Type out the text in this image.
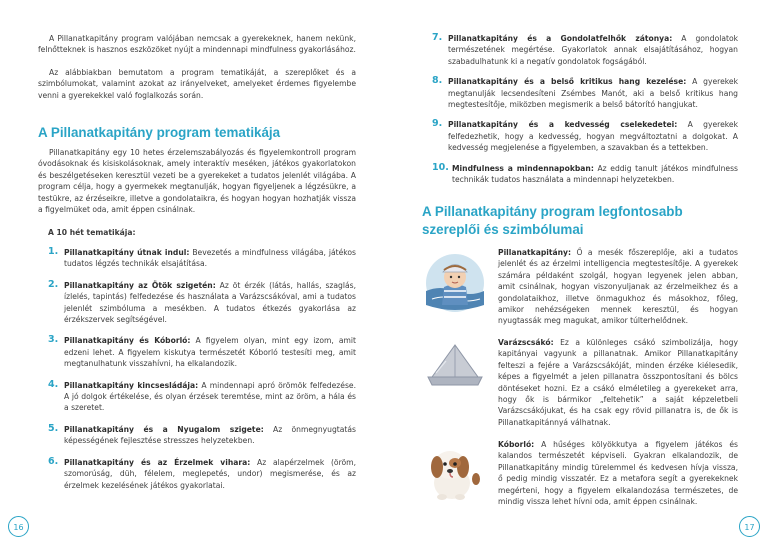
A Pillanatkapitány program valójában nemcsak a gyerekeknek, hanem nekünk, felnőtteknek is hasznos eszközöket nyújt a mindennapi mindfulness gyakorlásához.

Az alábbiakban bemutatom a program tematikáját, a szereplőket és a szimbólumokat, valamint azokat az irányelveket, amelyeket érdemes figyelembe venni a gyerekekkel való foglalkozás során.

A Pillanatkapitány program tematikája

Pillanatkapitány egy 10 hetes érzelemszabályozás és figyelemkontroll program óvodásoknak és kisiskolásoknak, amely interaktív meséken, játékos gyakorlatokon és beszélgetéseken keresztül vezeti be a gyerekeket a tudatos jelenlét világába. A program célja, hogy a gyermekek megtanulják, hogyan figyeljenek a légzésükre, a testükre, az érzéseikre, illetve a gondolataikra, és hogyan hogyan hozhatják vissza a figyelmüket oda, amit éppen csinálnak.

A 10 hét tematikája:
1. Pillanatkapitány útnak indul: Bevezetés a mindfulness világába, játékos tudatos légzés technikák elsajátítása.
2. Pillanatkapitány az Ötök szigetén: Az öt érzék (látás, hallás, szaglás, ízlelés, tapintás) felfedezése és használata a Varázscsákóval, ami a tudatos jelenlét szimbóluma a mesékben. A tudatos étkezés gyakorlása az érzékszervek segítségével.
3. Pillanatkapitány és Kóborló: A figyelem olyan, mint egy izom, amit edzeni lehet. A figyelem kiskutya természetét Kóborló testesíti meg, amit megtanulhatunk visszahívni, ha elkalandozik.
4. Pillanatkapitány kincsesládája: A mindennapi apró örömök felfedezése. A jó dolgok értékelése, és olyan érzések teremtése, mint az öröm, a hála és a szeretet.
5. Pillanatkapitány és a Nyugalom szigete: Az önmegnyugtatás képességének fejlesztése stresszes helyzetekben.
6. Pillanatkapitány és az Érzelmek vihara: Az alapérzelmek (öröm, szomorúság, düh, félelem, meglepetés, undor) megismerése, és az érzelmek kezelésének játékos gyakorlatai.
16
7. Pillanatkapitány és a Gondolatfelhők zátonya: A gondolatok természetének megértése. Gyakorlatok annak elsajátításához, hogyan szabadulhatunk ki a negatív gondolatok fogságából.
8. Pillanatkapitány és a belső kritikus hang kezelése: A gyerekek megtanulják lecsendesíteni Zsémbes Manót, aki a belső kritikus hang megtestesítője, miközben megismerik a belső bátorító hangjukat.
9. Pillanatkapitány és a kedvesség cselekedetei: A gyerekek felfedezhetik, hogy a kedvesség, hogyan megváltoztatni a dolgokat. A kedvesség megjelenése a figyelemben, a szavakban és a tettekben.
10. Mindfulness a mindennapokban: Az eddig tanult játékos mindfulness technikák tudatos használata a mindennapi helyzetekben.
A Pillanatkapitány program legfontosabb szereplői és szimbólumai

Pillanatkapitány: Ő a mesék főszereplője, aki a tudatos jelenlét és az érzelmi intelligencia megtestesítője. A gyerekek számára példaként szolgál, hogyan legyenek jelen abban, amit csinálnak, hogyan viszonyuljanak az érzelmeikhez és a gondolataikhoz, illetve önmagukhoz és másokhoz, főleg, amikor nehézségeken mennek keresztül, és hogyan nyugtassák meg magukat, amikor túlterhelődnek.

Varázscsákó: Ez a különleges csákó szimbolizálja, hogy kapitányai vagyunk a pillanatnak. Amikor Pillanatkapitány felteszi a fejére a Varázscsákóját, minden érzéke kiélesedik, képes a figyelmét a jelen pillanatra összpontosítani és bölcs döntéseket hozni. Ez a csákó elméletileg a gyerekeket arra, hogy ők is bármikor „feltehetik” a saját képzeletbeli Varázscsákójukat, és ha csak egy rövid pillanatra is, de ők is Pillanatkapitánnyá válhatnak.

Kóborló: A hűséges kölyökkutya a figyelem játékos és kalandos természetét képviseli. Gyakran elkalandozik, de Pillanatkapitány mindig türelemmel és kedvesen hívja vissza, ő pedig mindig visszatér. Ez a metafora segít a gyerekeknek megérteni, hogy a figyelem elkalandozása természetes, de mindig vissza lehet hívni oda, amit éppen csinálnak.

17
